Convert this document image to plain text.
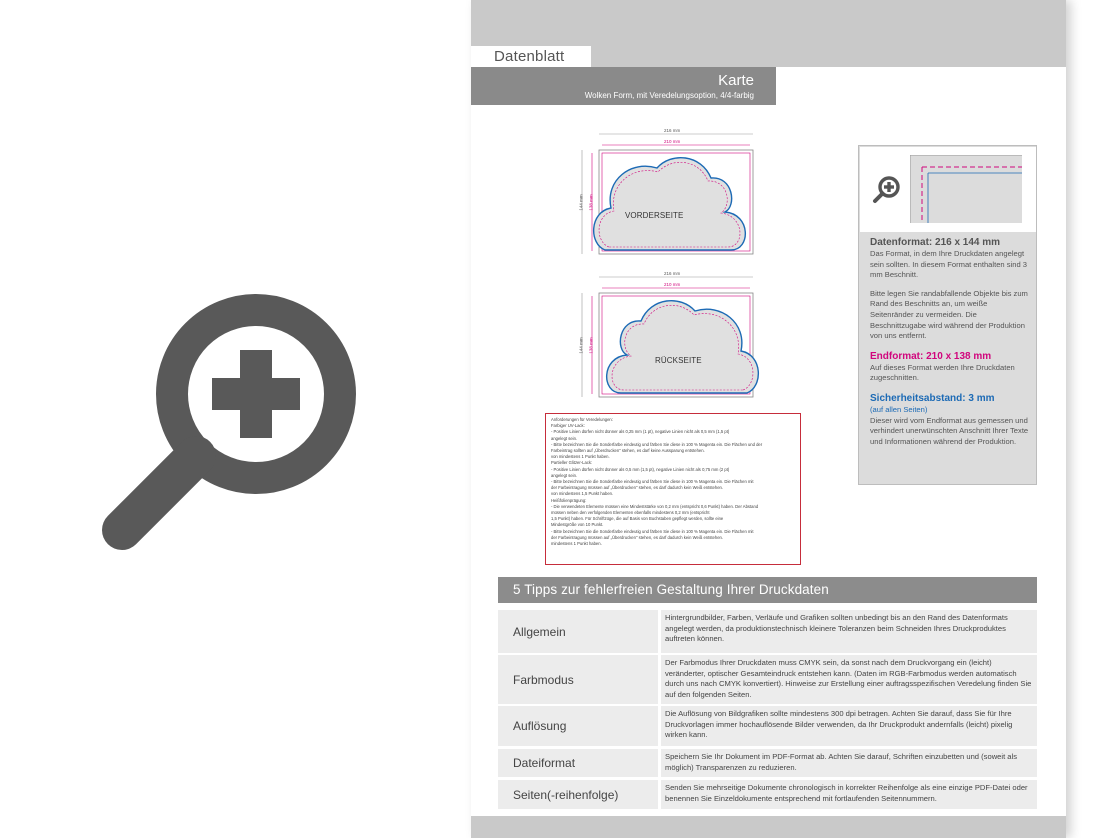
Datenblatt
Karte
Wolken Form, mit Veredelungsoption, 4/4-farbig
216 mm
210 mm
144 mm 138 mm
VORDERSEITE
216 mm
210 mm
144 mm 138 mm
RÜCKSEITE
Anforderungen für Veredelungen:
Farbiger UV-Lack:
- Positive Linien dürfen nicht dünner als 0,25 mm (1 pt), negative Linien nicht als 0,5 mm (1,5 pt)
angelegt sein.
- Bitte bezeichnen Sie die Sonderfarbe eindeutig und färben Sie diese in 100 % Magenta ein. Die Flächen und der
Farbeintrag sollten auf „Überdrucken" stehen, es darf keine Aussparung entstehen.
von mindestens 1 Punkt haben.
Partieller Glitzer-Lack:
- Positive Linien dürfen nicht dünner als 0,5 mm (1,5 pt), negative Linien nicht als 0,75 mm (2 pt)
angelegt sein.
- Bitte bezeichnen Sie die Sonderfarbe eindeutig und färben Sie diese in 100 % Magenta ein. Die Flächen mit
der Farbeintragung müssen auf „Überdrucken" stehen, es darf dadurch kein Weiß entstehen.
von mindestens 1,5 Punkt haben.
Heißfolienprägung:
- Die verwendeten Elemente müssen eine Mindeststärke von 0,2 mm (entspricht 0,6 Punkt) haben. Der Abstand
müssen neben den verfolgenden Elementen ebenfalls mindestens 0,2 mm (entspricht
1,5 Punkt) haben. Für Schriftzüge, die auf Basis von Buchstaben gepflegt werden, sollte eine
Mindestgröße von 10 Punkt.
- Bitte bezeichnen Sie die Sonderfarbe eindeutig und färben Sie diese in 100 % Magenta ein. Die Flächen mit
der Farbeintragung müssen auf „Überdrucken" stehen, es darf dadurch kein Weiß entstehen.
mindestens 1 Punkt haben.
Datenformat: 216 x 144 mm
Das Format, in dem Ihre Druckdaten angelegt sein sollten. In diesem Format enthalten sind 3 mm Beschnitt.
Bitte legen Sie randabfallende Objekte bis zum Rand des Beschnitts an, um weiße Seitenränder zu vermeiden. Die Beschnittzugabe wird während der Produktion von uns entfernt.
Endformat: 210 x 138 mm
Auf dieses Format werden Ihre Druckdaten zugeschnitten.
Sicherheitsabstand: 3 mm
(auf allen Seiten)
Dieser wird vom Endformat aus gemessen und verhindert unerwünschten Anschnitt Ihrer Texte und Informationen während der Produktion.
5 Tipps zur fehlerfreien Gestaltung Ihrer Druckdaten
Allgemein
Hintergrundbilder, Farben, Verläufe und Grafiken sollten unbedingt bis an den Rand des Datenformats angelegt werden, da produktionstechnisch kleinere Toleranzen beim Schneiden Ihres Druckproduktes auftreten können.
Farbmodus
Der Farbmodus Ihrer Druckdaten muss CMYK sein, da sonst nach dem Druckvorgang ein (leicht) veränderter, optischer Gesamteindruck entstehen kann. (Daten im RGB-Farbmodus werden automatisch durch uns nach CMYK konvertiert). Hinweise zur Erstellung einer auftragsspezifischen Veredelung finden Sie auf den folgenden Seiten.
Auflösung
Die Auflösung von Bildgrafiken sollte mindestens 300 dpi betragen. Achten Sie darauf, dass Sie für Ihre Druckvorlagen immer hochauflösende Bilder verwenden, da Ihr Druckprodukt andernfalls (leicht) pixelig wirken kann.
Dateiformat	Speichern Sie Ihr Dokument im PDF-Format ab. Achten Sie darauf, Schriften einzubetten und (soweit als möglich) Transparenzen zu reduzieren.
Seiten(-reihenfolge)	Senden Sie mehrseitige Dokumente chronologisch in korrekter Reihenfolge als eine einzige PDF-Datei oder benennen Sie Einzeldokumente entsprechend mit fortlaufenden Seitennummern.
